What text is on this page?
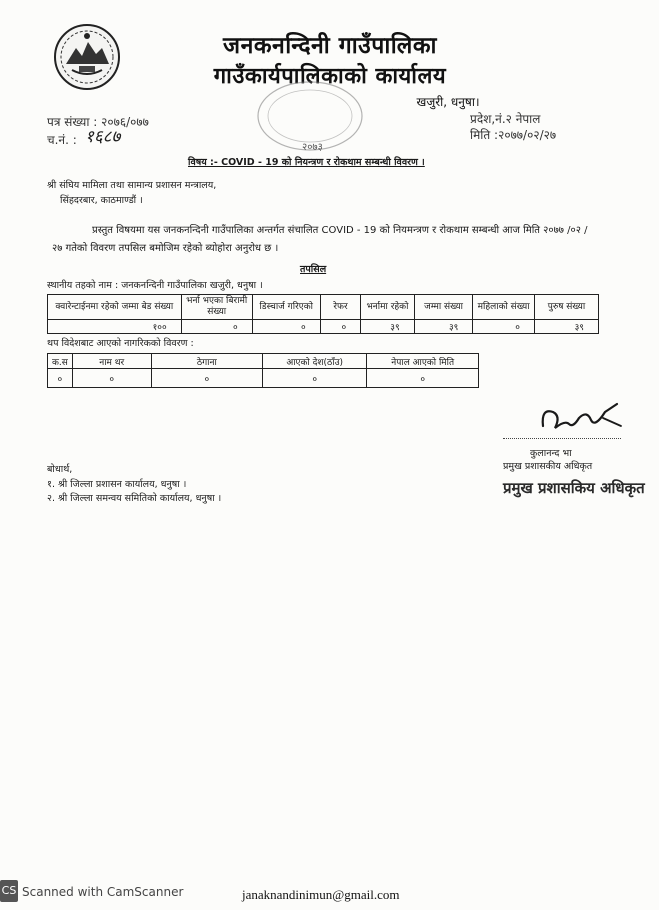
जनकनन्दिनी गाउँपालिका
गाउँकार्यपालिकाको कार्यालय
२०७३
खजुरी, धनुषा।
पत्र संख्या : २०७६/०७७
च.नं. : १६८७
प्रदेश,नं.२ नेपाल
मिति :२०७७/०२/२७
विषय :- COVID - 19 को नियन्त्रण र रोकथाम सम्बन्धी विवरण ।
श्री संघिय मामिला तथा सामान्य प्रशासन मन्त्रालय,
सिंहदरबार, काठमाण्डौं ।
प्रस्तुत विषयमा यस जनकनन्दिनी गाउँपालिका अन्तर्गत संचालित COVID - 19 को नियमन्त्रण र रोकथाम सम्बन्धी आज मिति २०७७ /०२ / २७ गतेको विवरण तपसिल बमोजिम रहेको ब्योहोरा अनुरोध छ ।
तपसिल
स्थानीय तहको नाम : जनकनन्दिनी गाउँपालिका खजुरी, धनुषा ।
क्वारेन्टाईनमा रहेको जम्मा बेड संख्या	भर्ना भएका बिरामी संख्या	डिस्चार्ज गरिएको	रेफर	भर्नामा रहेको	जम्मा संख्या	महिलाको संख्या	पुरुष संख्या
१००	०	०	०	३९	३९	०	३९
थप विदेशबाट आएको नागरिकको विवरण :
क.स	नाम थर	ठेगाना	आएको देश(ठाँउ)	नेपाल आएको मिति
०	०	०	०	०
कुलानन्द भा
प्रमुख प्रशासकीय अधिकृत
प्रमुख प्रशासकिय अधिकृत
बोधार्थ,
१. श्री जिल्ला प्रशासन कार्यालय, धनुषा ।
२. श्री जिल्ला समन्वय समितिको कार्यालय, धनुषा ।
CS Scanned with CamScanner	janaknandinimun@gmail.com
